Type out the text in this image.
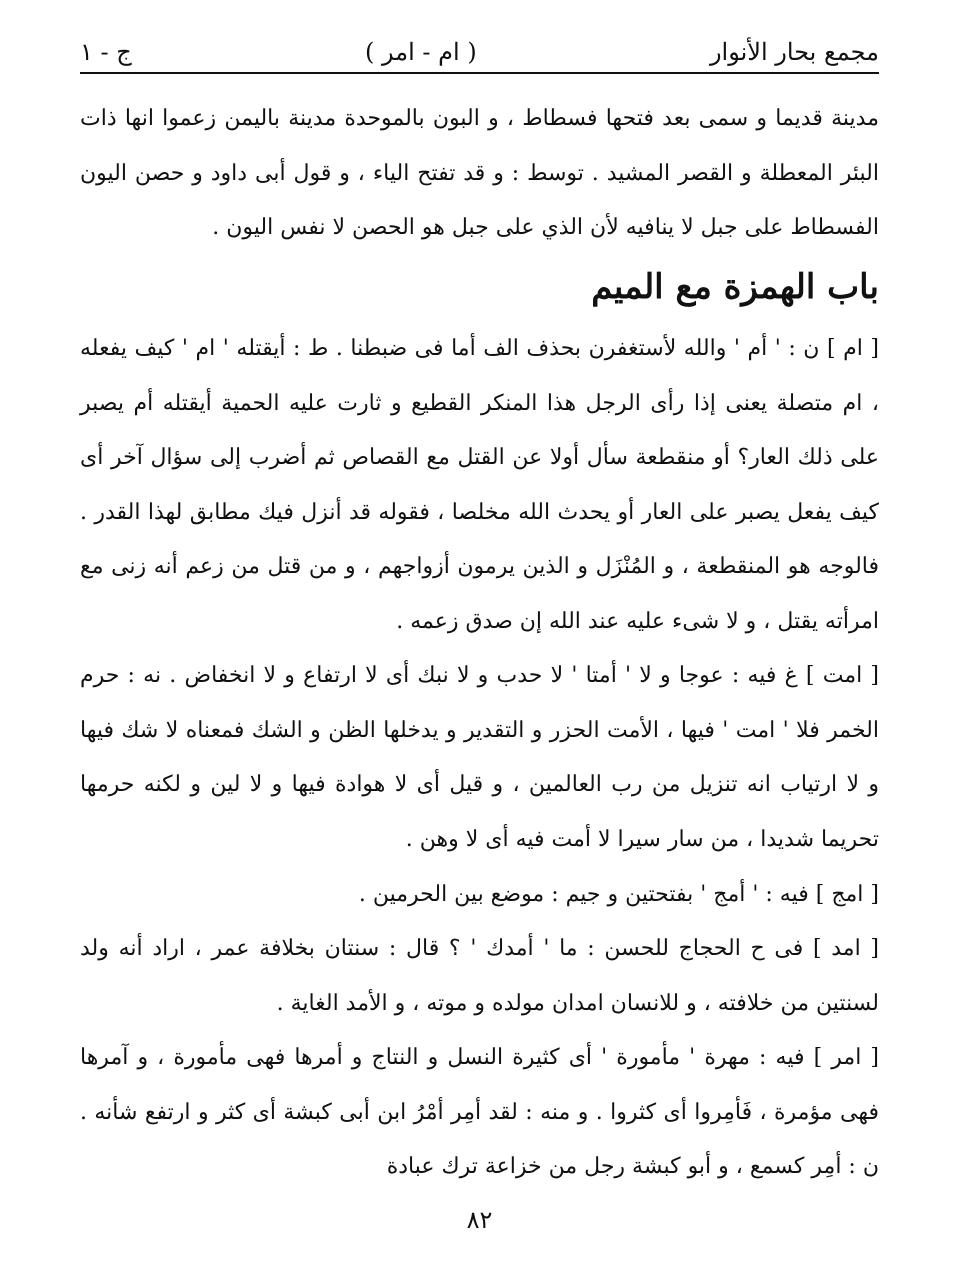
مجمع بحار الأنوار
( ام - امر )
ج - ١

مدينة قديما و سمى بعد فتحها فسطاط ، و البون بالموحدة مدينة باليمن زعموا انها ذات البئر المعطلة و القصر المشيد . توسط : و قد تفتح الياء ، و قول أبى داود و حصن اليون الفسطاط على جبل لا ينافيه لأن الذي على جبل هو الحصن لا نفس اليون .

باب الهمزة مع الميم

[ ام ] ن : ' أم ' والله لأستغفرن بحذف الف أما فى ضبطنا . ط : أيقتله ' ام ' كيف يفعله ، ام متصلة يعنى إذا رأى الرجل هذا المنكر القطيع و ثارت عليه الحمية أيقتله أم يصبر على ذلك العار؟ أو منقطعة سأل أولا عن القتل مع القصاص ثم أضرب إلى سؤال آخر أى كيف يفعل يصبر على العار أو يحدث الله مخلصا ، فقوله قد أنزل فيك مطابق لهذا القدر . فالوجه هو المنقطعة ، و المُنْزَل و الذين يرمون أزواجهم ، و من قتل من زعم أنه زنى مع امرأته يقتل ، و لا شىء عليه عند الله إن صدق زعمه .

[ امت ] غ فيه : عوجا و لا ' أمتا ' لا حدب و لا نبك أى لا ارتفاع و لا انخفاض . نه : حرم الخمر فلا ' امت ' فيها ، الأمت الحزر و التقدير و يدخلها الظن و الشك فمعناه لا شك فيها و لا ارتياب انه تنزيل من رب العالمين ، و قيل أى لا هوادة فيها و لا لين و لكنه حرمها تحريما شديدا ، من سار سيرا لا أمت فيه أى لا وهن .

[ امج ] فيه : ' أمج ' بفتحتين و جيم : موضع بين الحرمين .

[ امد ] فى ح الحجاج للحسن : ما ' أمدك ' ؟ قال : سنتان بخلافة عمر ، اراد أنه ولد لسنتين من خلافته ، و للانسان امدان مولده و موته ، و الأمد الغاية .

[ امر ] فيه : مهرة ' مأمورة ' أى كثيرة النسل و النتاج و أمرها فهى مأمورة ، و آمرها فهى مؤمرة ، فَأمِروا أى كثروا . و منه : لقد أمِر أمْرُ ابن أبى كبشة أى كثر و ارتفع شأنه . ن : أمِر كسمع ، و أبو كبشة رجل من خزاعة ترك عبادة

٨٢
